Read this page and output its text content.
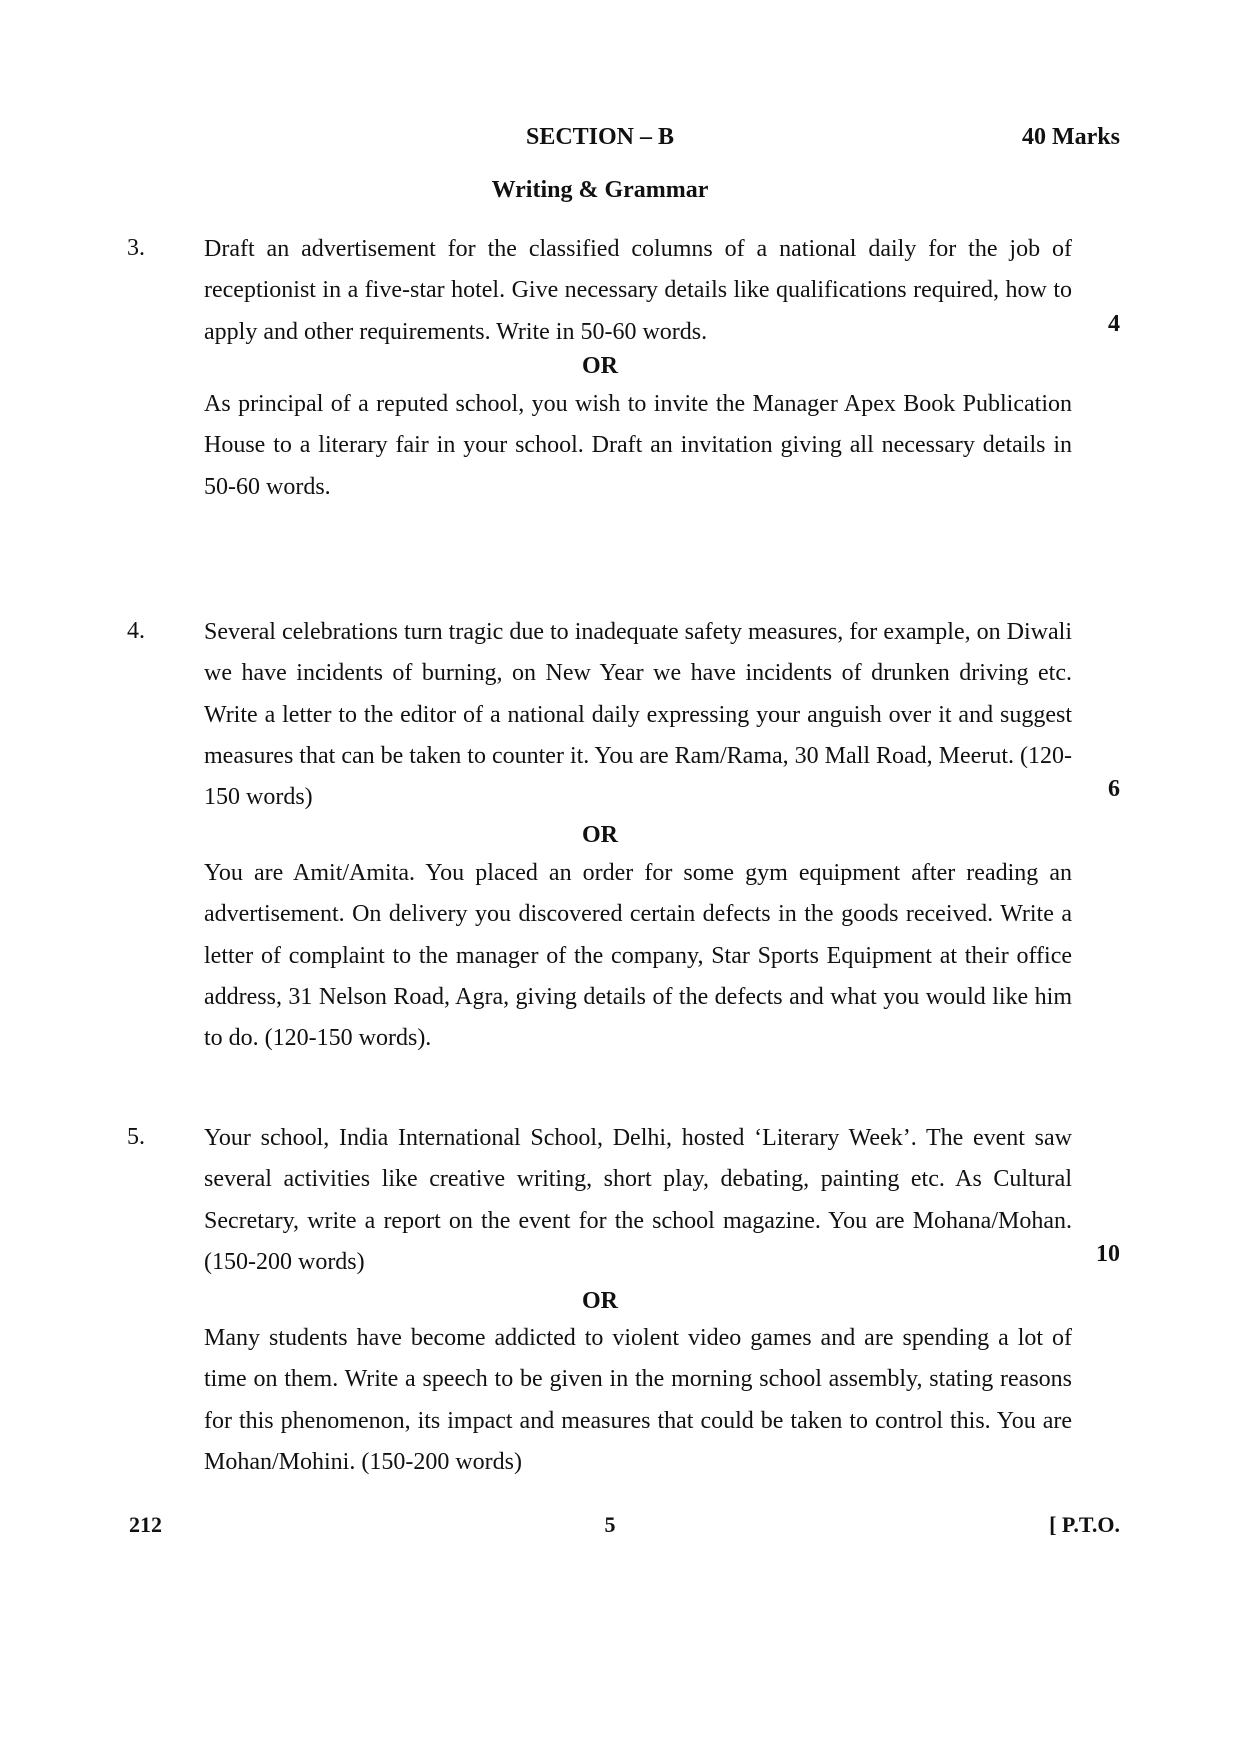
SECTION – B	40 Marks
Writing & Grammar
3. Draft an advertisement for the classified columns of a national daily for the job of receptionist in a five-star hotel. Give necessary details like qualifications required, how to apply and other requirements. Write in 50-60 words.	4
OR
As principal of a reputed school, you wish to invite the Manager Apex Book Publication House to a literary fair in your school. Draft an invitation giving all necessary details in 50-60 words.
4. Several celebrations turn tragic due to inadequate safety measures, for example, on Diwali we have incidents of burning, on New Year we have incidents of drunken driving etc. Write a letter to the editor of a national daily expressing your anguish over it and suggest measures that can be taken to counter it. You are Ram/Rama, 30 Mall Road, Meerut. (120-150 words)	6
OR
You are Amit/Amita. You placed an order for some gym equipment after reading an advertisement. On delivery you discovered certain defects in the goods received. Write a letter of complaint to the manager of the company, Star Sports Equipment at their office address, 31 Nelson Road, Agra, giving details of the defects and what you would like him to do. (120-150 words).
5. Your school, India International School, Delhi, hosted ‘Literary Week’. The event saw several activities like creative writing, short play, debating, painting etc. As Cultural Secretary, write a report on the event for the school magazine. You are Mohana/Mohan. (150-200 words)	10
OR
Many students have become addicted to violent video games and are spending a lot of time on them. Write a speech to be given in the morning school assembly, stating reasons for this phenomenon, its impact and measures that could be taken to control this. You are Mohan/Mohini. (150-200 words)
212	5	[ P.T.O.
